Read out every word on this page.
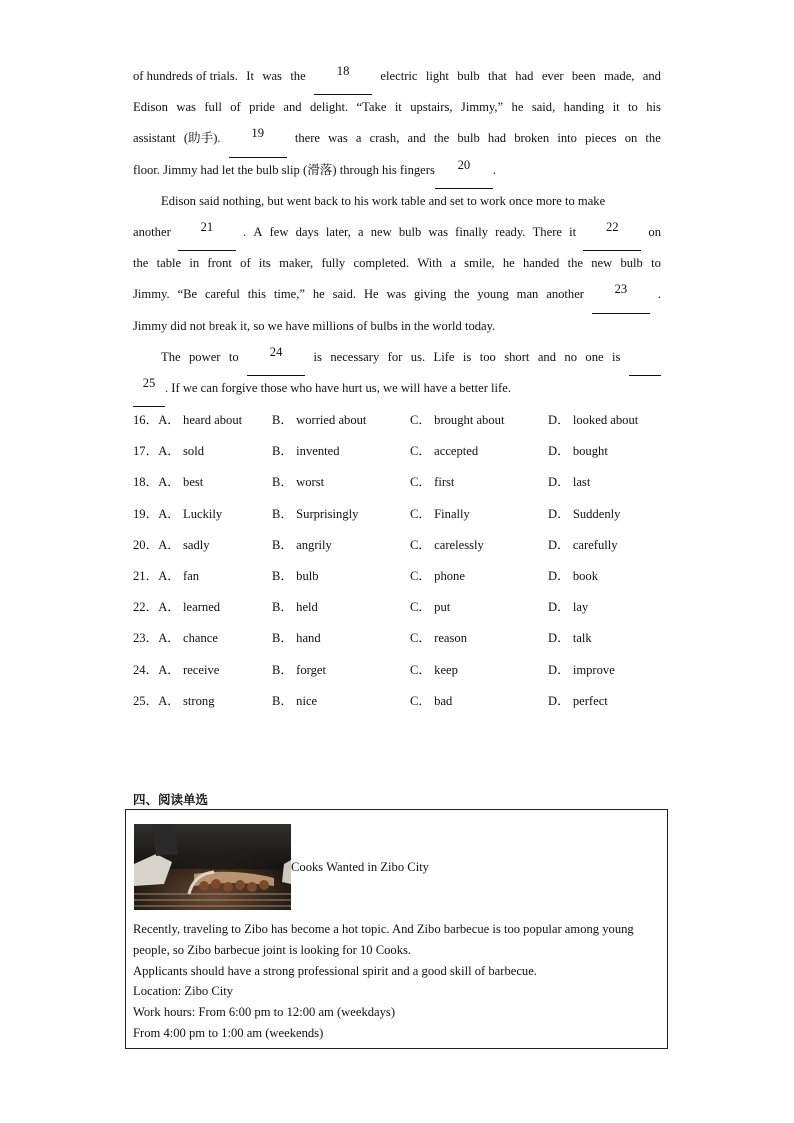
of hundreds of trials. It was the	18	electric light bulb that had ever been made, and
Edison was full of pride and delight. “Take it upstairs, Jimmy,” he said, handing it to his
assistant (助手).	19	there was a crash, and the bulb had broken into pieces on the
floor. Jimmy had let the bulb slip (滑落) through his fingers	20	.
Edison said nothing, but went back to his work table and set to work once more to make
another	21	. A few days later, a new bulb was finally ready. There it	22	on
the table in front of its maker, fully completed. With a smile, he handed the new bulb to
Jimmy. “Be careful this time,” he said. He was giving the young man another	23	.
Jimmy did not break it, so we have millions of bulbs in the world today.
The power to	24	is necessary for us. Life is too short and no one is
25 . If we can forgive those who have hurt us, we will have a better life.
16．A． heard about B． worried about	C． brought about	D． looked about
17．A． sold	B． invented	C． accepted	D． bought
18．A． best	B． worst	C． first	D． last
19．A． Luckily	B． Surprisingly	C． Finally	D． Suddenly
20．A． sadly	B． angrily	C． carelessly	D． carefully
21．A． fan	B． bulb	C． phone	D． book
22．A． learned	B． held	C． put	D． lay
23．A． chance	B． hand	C． reason	D． talk
24．A． receive	B． forget	C． keep	D． improve
25．A． strong	B． nice	C． bad	D． perfect
四、阅读单选
Cooks Wanted in Zibo City
Recently, traveling to Zibo has become a hot topic. And Zibo barbecue is too popular among young people, so Zibo barbecue joint is looking for 10 Cooks.
Applicants should have a strong professional spirit and a good skill of barbecue.
Location: Zibo City
Work hours: From 6:00 pm to 12:00 am (weekdays)
From 4:00 pm to 1:00 am (weekends)
